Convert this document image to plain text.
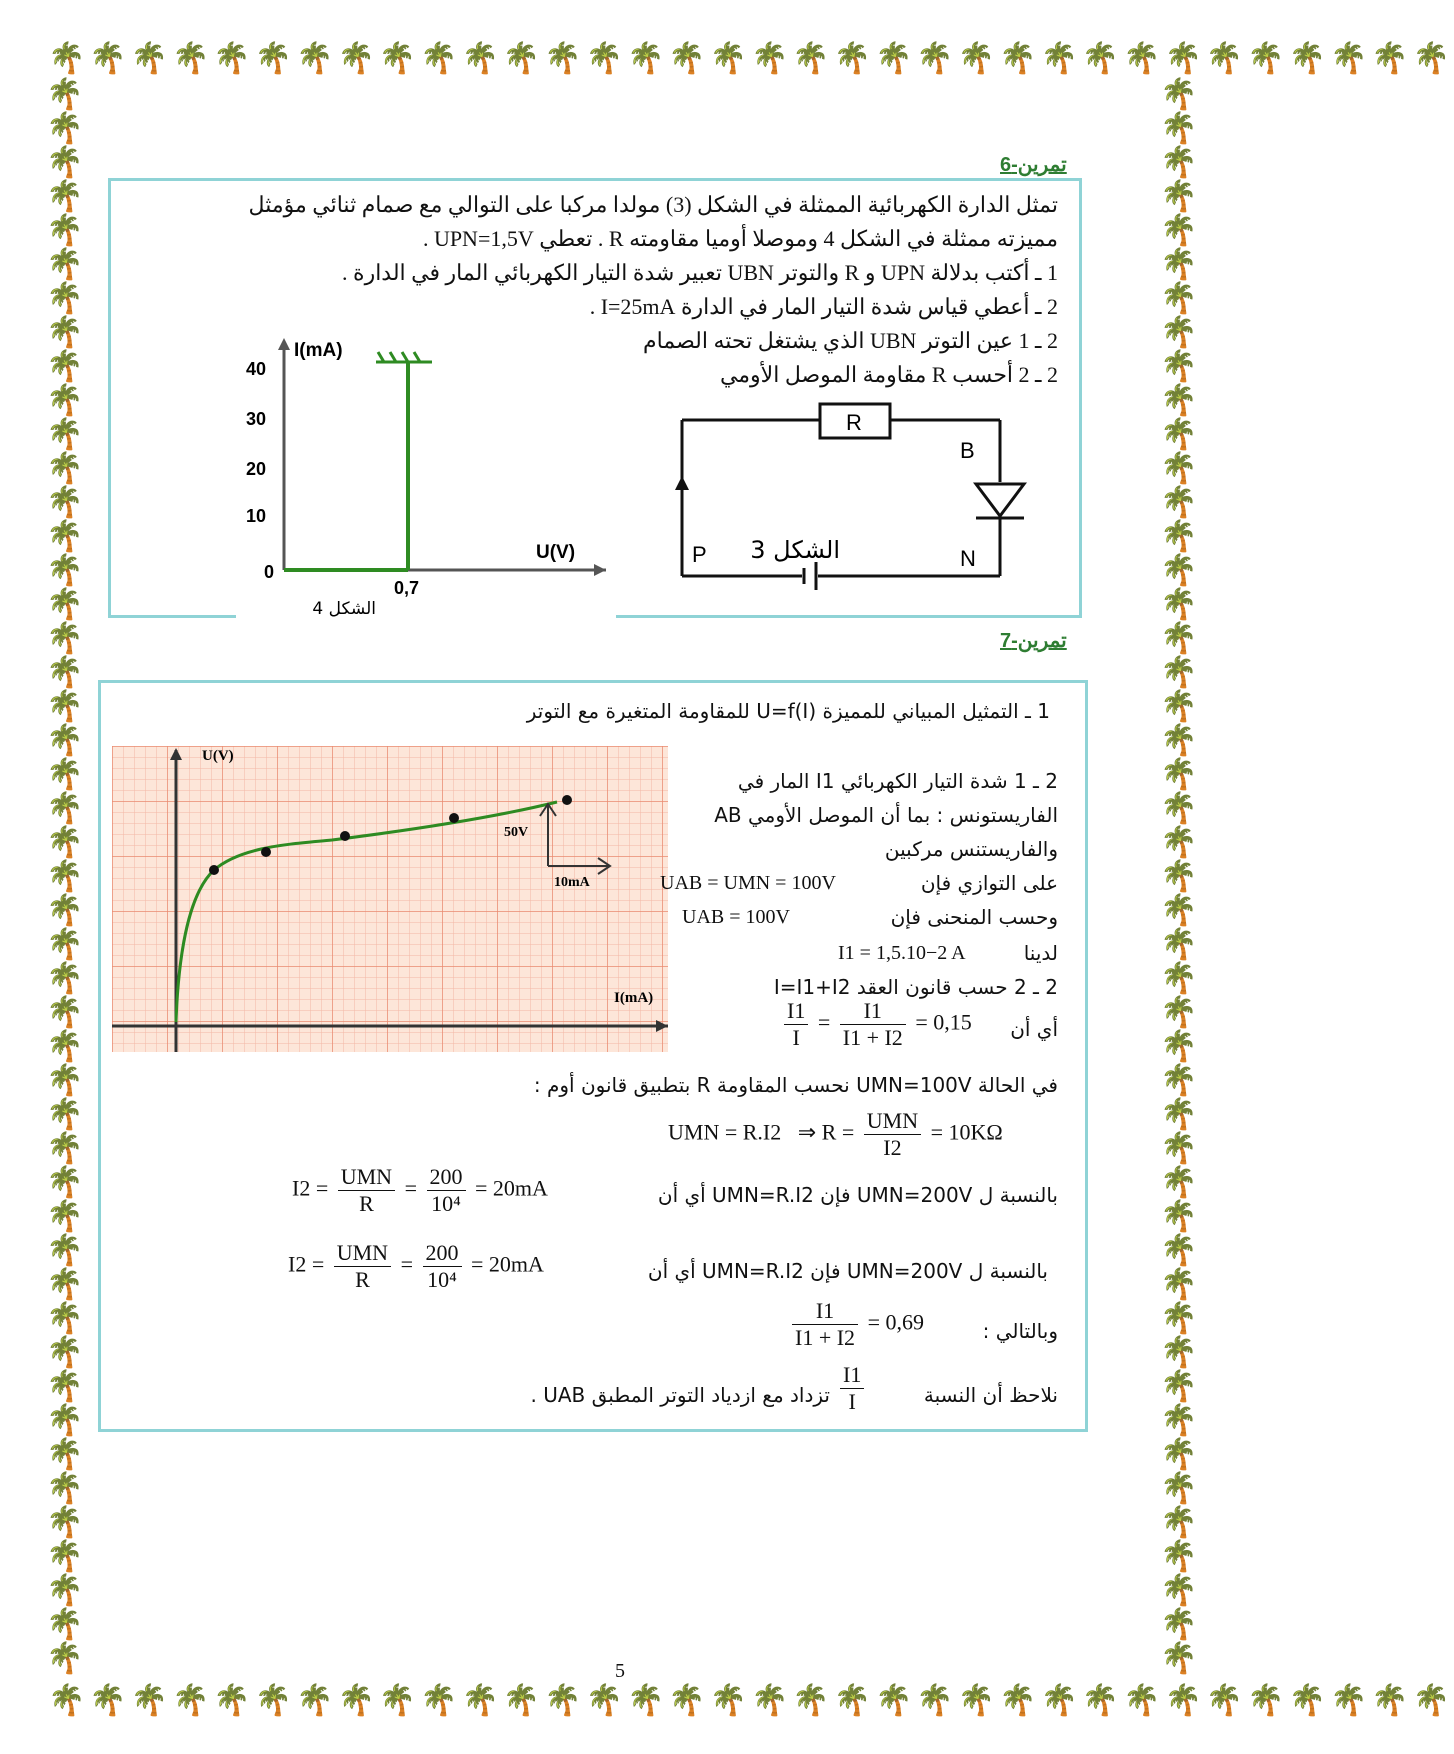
🌴🌴🌴🌴🌴🌴🌴🌴🌴🌴🌴🌴🌴🌴🌴🌴🌴🌴🌴🌴🌴🌴🌴🌴🌴🌴🌴🌴🌴🌴🌴🌴🌴🌴
🌴🌴🌴🌴🌴🌴🌴🌴🌴🌴🌴🌴🌴🌴🌴🌴🌴🌴🌴🌴🌴🌴🌴🌴🌴🌴🌴🌴🌴🌴🌴🌴🌴🌴
🌴🌴🌴🌴🌴🌴🌴🌴🌴🌴🌴🌴🌴🌴🌴🌴🌴🌴🌴🌴🌴🌴🌴🌴🌴🌴🌴🌴🌴🌴🌴🌴🌴🌴🌴🌴🌴🌴🌴🌴🌴🌴🌴🌴🌴🌴🌴
🌴🌴🌴🌴🌴🌴🌴🌴🌴🌴🌴🌴🌴🌴🌴🌴🌴🌴🌴🌴🌴🌴🌴🌴🌴🌴🌴🌴🌴🌴🌴🌴🌴🌴🌴🌴🌴🌴🌴🌴🌴🌴🌴🌴🌴🌴🌴
تمرين-6
تمثل الدارة الكهربائية الممثلة في الشكل (3) مولدا مركبا على التوالي مع صمام ثنائي مؤمثل
مميزته ممثلة في الشكل 4 وموصلا أوميا مقاومته R . تعطي UPN=1,5V .
1 ـ أكتب بدلالة UPN و R والتوتر UBN تعبير شدة التيار الكهربائي المار في الدارة .
2 ـ أعطي قياس شدة التيار المار في الدارة I=25mA .
2 ـ 1 عين التوتر UBN الذي يشتغل تحته الصمام
2 ـ 2 أحسب R مقاومة الموصل الأومي
I(mA)
U(V)
40
30
20
10
0
0,7
الشكل 4
R
B
N
P الشكل 3
تمرين-7
U(V)
I(mA)
50V
10mA
1 ـ التمثيل المبياني للمميزة U=f(I) للمقاومة المتغيرة مع التوتر
2 ـ 1 شدة التيار الكهربائي I1 المار في الفاريستونس : بما أن الموصل الأومي AB والفاريستنس مركبين
على التوازي فإن
UAB = UMN = 100V
وحسب المنحنى فإن
UAB = 100V
لدينا
I1 = 1,5.10−2 A
2 ـ 2 حسب قانون العقد I=I1+I2
أي أن
$\frac{I1}{I} = \frac{I1}{I1 + I2} = 0,15$
في الحالة UMN=100V نحسب المقاومة R بتطبيق قانون أوم :
UMN = R.I2 ⇒ $R = \frac{\text{UMN}}{I2} = 10K\Omega$
بالنسبة ل UMN=200V فإن UMN=R.I2 أي أن
$I2 = \frac{\text{UMN}}{R} = \frac{200}{\text{10⁴}} = 20mA$
بالنسبة ل UMN=200V فإن UMN=R.I2 أي أن
$I2 = \frac{\text{UMN}}{R} = \frac{200}{\text{10⁴}} = 20mA$
وبالتالي :
$\frac{I1}{I1 + I2} = 0,69$
نلاحظ أن النسبة
$\frac{I1}{I}$
تزداد مع ازدياد التوتر المطبق UAB .
5
